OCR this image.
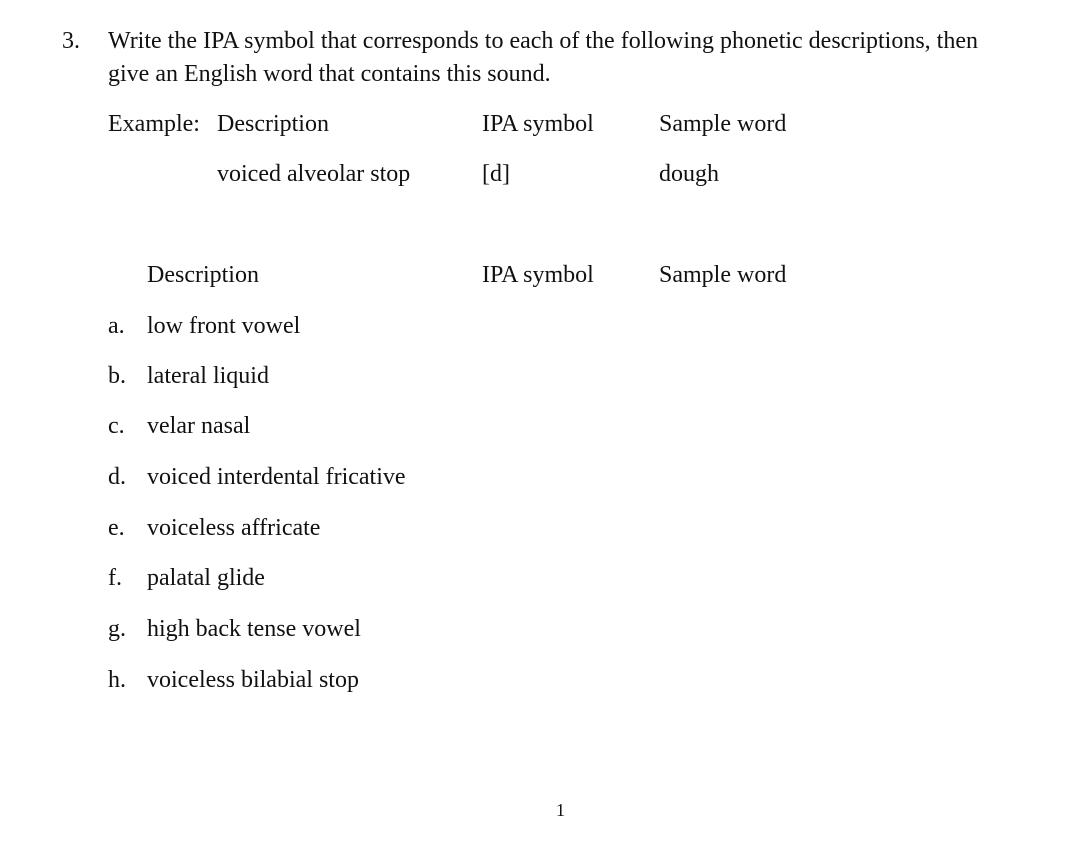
3. Write the IPA symbol that corresponds to each of the following phonetic descriptions, then
give an English word that contains this sound.
Example: Description	IPA symbol	Sample word
voiced alveolar stop	[d]	dough
Description	IPA symbol	Sample word
a. low front vowel
b. lateral liquid
c. velar nasal
d. voiced interdental fricative
e. voiceless affricate
f. palatal glide
g. high back tense vowel
h. voiceless bilabial stop
1
